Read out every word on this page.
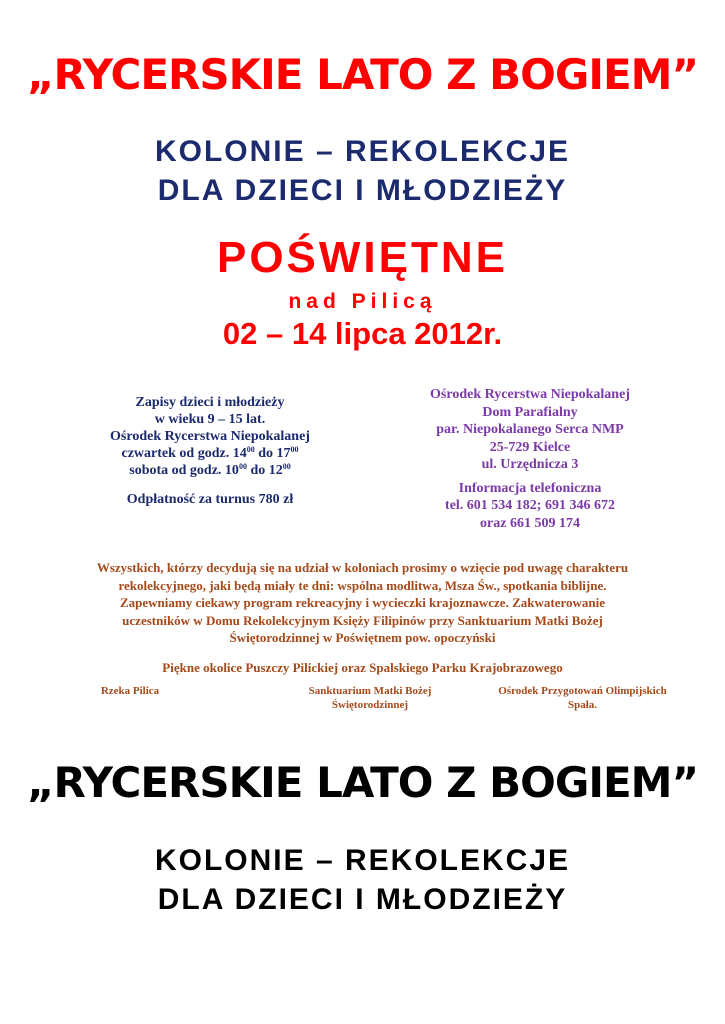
„RYCERSKIE LATO Z BOGIEM”
KOLONIE – REKOLEKCJE
DLA DZIECI I MŁODZIEŻY
POŚWIĘTNE
nad Pilicą
02 – 14 lipca 2012r.
Zapisy dzieci i młodzieży
w wieku 9 – 15 lat.
Ośrodek Rycerstwa Niepokalanej
czwartek od godz. $14^{00}$ do $17^{00}$
sobota od godz. $10^{00}$ do $12^{00}$
Odpłatność za turnus 780 zł
Ośrodek Rycerstwa Niepokalanej
Dom Parafialny
par. Niepokalanego Serca NMP
25-729 Kielce
ul. Urzędnicza 3
Informacja telefoniczna
tel. 601 534 182; 691 346 672
oraz 661 509 174
Wszystkich, którzy decydują się na udział w koloniach prosimy o wzięcie pod uwagę charakteru
rekolekcyjnego, jaki będą miały te dni: wspólna modlitwa, Msza Św., spotkania biblijne.
Zapewniamy ciekawy program rekreacyjny i wycieczki krajoznawcze. Zakwaterowanie
uczestników w Domu Rekolekcyjnym Księży Filipinów przy Sanktuarium Matki Bożej
Świętorodzinnej w Poświętnem pow. opoczyński
Piękne okolice Puszczy Pilickiej oraz Spalskiego Parku Krajobrazowego
Rzeka Pilica	Sanktuarium Matki Bożej
Świętorodzinnej
Ośrodek Przygotowań Olimpijskich
Spała.
„RYCERSKIE LATO Z BOGIEM”
KOLONIE – REKOLEKCJE
DLA DZIECI I MŁODZIEŻY
